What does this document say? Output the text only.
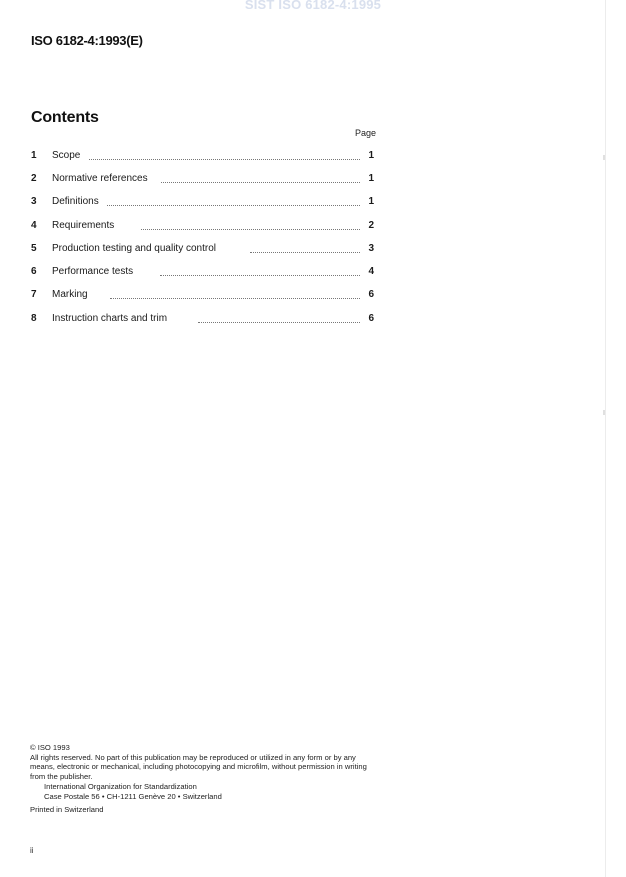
SIST ISO 6182-4:1995
ISO 6182-4:1993(E)
Contents
Page
1	Scope	1
2	Normative references	1
3	Definitions	1
4	Requirements	2
5	Production testing and quality control	3
6	Performance tests	4
7	Marking	6
8	Instruction charts and trim	6
© ISO 1993
All rights reserved. No part of this publication may be reproduced or utilized in any form or by any means, electronic or mechanical, including photocopying and microfilm, without permission in writing from the publisher.
International Organization for Standardization
Case Postale 56 • CH-1211 Genève 20 • Switzerland
Printed in Switzerland
ii
